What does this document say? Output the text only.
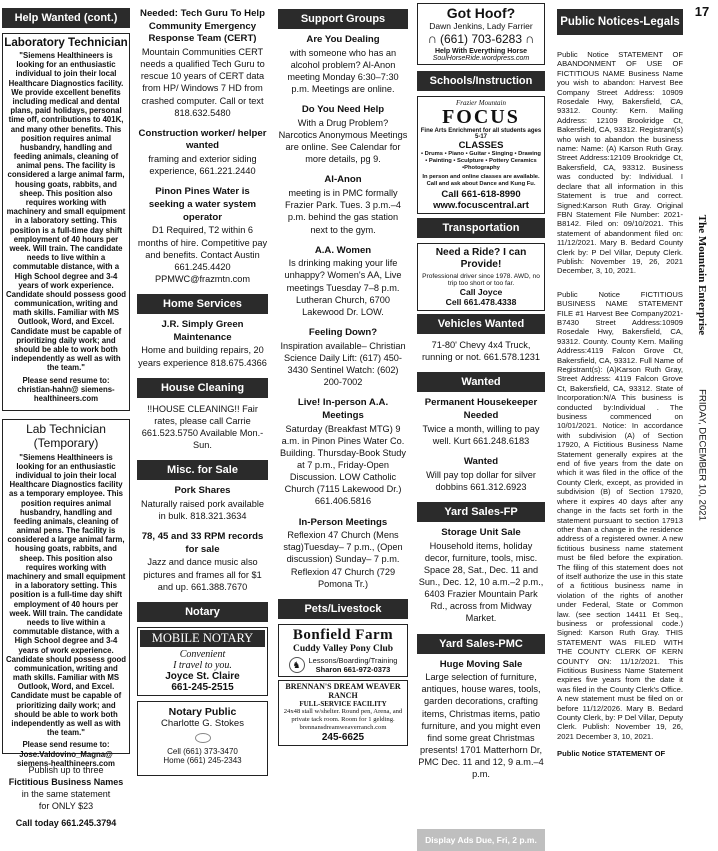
Help Wanted (cont.)
Laboratory Technician
"Siemens Healthineers is looking for an enthusiastic individual to join their local Healthcare Diagnostics facility. We provide excellent benefits including medical and dental plans, paid holidays, personal time off, contributions to 401K, and many other benefits. This position requires animal husbandry, handling and feeding animals, cleaning of animal pens. The facility is considered a large animal farm, housing goats, rabbits, and sheep. This position also requires working with machinery and small equipment in a laboratory setting. This position is a full-time day shift employment of 40 hours per week. Will train. The candidate needs to live within a commutable distance, with a High School degree and 3-4 years of work experience. Candidate should possess good communication, writing and math skills. Familiar with MS Outlook, Word, and Excel. Candidate must be capable of prioritizing daily work; and should be able to work both independently as well as with the team."
Please send resume to: christian-hahn@ siemens-healthineers.com
Lab Technician (Temporary)
"Siemens Healthineers is looking for an enthusiastic individual to join their local Healthcare Diagnostics facility as a temporary employee. This position requires animal husbandry, handling and feeding animals, cleaning of animal pens. The facility is considered a large animal farm, housing goats, rabbits, and sheep. This position also requires working with machinery and small equipment in a laboratory setting. This position is a full-time day shift employment of 40 hours per week. Will train. The candidate needs to live within a commutable distance, with a High School degree and 3-4 years of work experience. Candidate should possess good communication, writing and math skills. Familiar with MS Outlook, Word, and Excel. Candidate must be capable of prioritizing daily work; and should be able to work both independently as well as with the team."
Please send resume to: Jose.Valdovino_Magna@ siemens-healthineers.com
Publish up to three
Fictitious Business Names
in the same statement
for ONLY $23
Call today 661.245.3794
Needed: Tech Guru To Help Community Emergency Response Team (CERT)
Mountain Communities CERT needs a qualified Tech Guru to rescue 10 years of CERT data from HP/ Windows 7 HD from crashed computer. Call or text 818.632.5480
Construction worker/ helper wanted
framing and exterior siding experience, 661.221.2440
Pinon Pines Water is seeking a water system operator
D1 Required, T2 within 6 months of hire. Competitive pay and benefits. Contact Austin 661.245.4420 PPMWC@frazmtn.com
Home Services
J.R. Simply Green Maintenance
Home and building repairs, 20 years experience 818.675.4366
House Cleaning
!!HOUSE CLEANING!! Fair rates, please call Carrie 661.523.5750 Available Mon.-Sun.
Misc. for Sale
Pork Shares
Naturally raised pork available in bulk. 818.321.3634
78, 45 and 33 RPM records for sale
Jazz and dance music also pictures and frames all for $1 and up. 661.388.7670
Notary
MOBILE NOTARY
Convenient
I travel to you.
Joyce St. Claire
661-245-2515
Notary Public
Charlotte G. Stokes
Cell (661) 373-3470
Home (661) 245-2343
Support Groups
Are You Dealing
with someone who has an alcohol problem? Al-Anon meeting Monday 6:30–7:30 p.m. Meetings are online.
Do You Need Help
With a Drug Problem? Narcotics Anonymous Meetings are online. See Calendar for more details, pg 9.
Al-Anon
meeting is in PMC formally Frazier Park. Tues. 3 p.m.–4 p.m. behind the gas station next to the gym.
A.A. Women
Is drinking making your life unhappy? Women's AA, Live meetings Tuesday 7–8 p.m. Lutheran Church, 6700 Lakewood Dr. LOW.
Feeling Down?
Inspiration available– Christian Science Daily Lift: (617) 450-3430 Sentinel Watch: (602) 200-7002
Live! In-person A.A. Meetings
Saturday (Breakfast MTG) 9 a.m. in Pinon Pines Water Co. Building. Thursday-Book Study at 7 p.m., Friday-Open Discussion. LOW Catholic Church (7115 Lakewood Dr.) 661.406.5816
In-Person Meetings
Reflexion 47 Church (Mens stag)Tuesday– 7 p.m., (Open discussion) Sunday– 7 p.m. Reflexion 47 Church (729 Pomona Tr.)
Pets/Livestock
Bonfield Farm
Cuddy Valley Pony Club
♞	Lessons/Boarding/Training
Sharon 661-972-0373
BRENNAN'S DREAM WEAVER RANCH
FULL-SERVICE FACILITY
24x48 stall w/shelter. Round pen, Arena, and private tack room. Room for 1 gelding. brennansdreamweaverranch.com
245-6625
Got Hoof?
Dawn Jenkins, Lady Farrier
∩ (661) 703-6283 ∩
Help With Everything Horse
SoulHorseRide.wordpress.com
Schools/Instruction
Frazier Mountain
FOCUS
Fine Arts Enrichment for all students ages 5-17
CLASSES
• Drums • Piano • Guitar • Singing • Drawing • Painting • Sculpture • Pottery Ceramics •Photography
In person and online classes are available. Call and ask about Dance and Kung Fu.
Call 661-618-8990
www.focuscentral.art
Transportation
Need a Ride? I can Provide!
Professional driver since 1978. AWD, no trip too short or too far.
Call Joyce
Cell 661.478.4338
Vehicles Wanted
71-80' Chevy 4x4 Truck, running or not. 661.578.1231
Wanted
Permanent Housekeeper Needed
Twice a month, willing to pay well. Kurt 661.248.6183
Wanted
Will pay top dollar for silver dobbins 661.312.6923
Yard Sales-FP
Storage Unit Sale
Household items, holiday decor, furniture, tools, misc. Space 28, Sat., Dec. 11 and Sun., Dec. 12, 10 a.m.–2 p.m., 6403 Frazier Mountain Park Rd., across from Midway Market.
Yard Sales-PMC
Huge Moving Sale
Large selection of furniture, antiques, house wares, tools, garden decorations, crafting items, Christmas items, patio furniture, and you might even find some great Christmas presents! 1701 Matterhorn Dr, PMC Dec. 11 and 12, 9 a.m.–4 p.m.
Display Ads Due, Fri, 2 p.m.
Public Notices-Legals
Public Notice STATEMENT OF ABANDONMENT OF USE OF FICTITIOUS NAME Business Name you wish to abandon: Harvest Bee Company Street Address: 10909 Rosedale Hwy, Bakersfield, CA, 93312. County: Kern. Mailing Address: 12109 Brookridge Ct, Bakersfield, CA, 93312. Registrant(s) who wish to abandon the business name: Name: (A) Karson Ruth Gray. Street Address:12109 Brookridge Ct, Bakersfield, CA, 93312. Business was conducted by: Individual. I declare that all information in this Statement is true and correct. Signed:Karson Ruth Gray. Original FBN Statement File Number: 2021-B8142. Filed on: 09/10/2021. This statement of abandonment filed on: 11/12/2021. Mary B. Bedard County Clerk by: P Del Villar, Deputy Clerk. Publish: November 19, 26, 2021 December, 3, 10, 2021.
Public Notice FICTITIOUS BUSINESS NAME STATEMENT FILE #1 Harvest Bee Company2021-B7430 Street Address:10909 Rosedale Hwy, Bakersfield, CA, 93312. County. County Kern. Mailing Address:4119 Falcon Grove Ct, Bakersfield, CA, 93312. Full Name of Registrant(s): (A)Karson Ruth Gray, Street Address: 4119 Falcon Grove Ct, Bakersfield, CA, 93312. State of Incorporation:N/A This business is conducted by:Individual . The business commenced on 10/01/2021. Notice: In accordance with subdivision (A) of Section 17920, A Fictitious Business Name Statement generally expires at the end of five years from the date on which it was filed in the office of the County Clerk, except, as provided in subdivision (B) of Section 17920, where it expires 40 days after any change in the facts set forth in the statement pursuant to section 17913 other than a change in the residence address of a registered owner. A new fictitious business name statement must be filed before the expiration. The filing of this statement does not of itself authorize the use in this state of a fictitious business name in violation of the rights of another under Federal, State or Common law. (see section 14411 Et Seq., business or professional code.) Signed: Karson Ruth Gray. THIS STATEMENT WAS FILED WITH THE COUNTY CLERK OF KERN COUNTY ON: 11/12/2021. This Fictitious Business Name Statement expires five years from the date it was filed in the County Clerk's Office. A new statement must be filed on or before 11/12/2026. Mary B. Bedard County Clerk, by: P Del Villar, Deputy Clerk. Publish: November 19, 26, 2021 December 3, 10, 2021.
Public Notice STATEMENT OF
17
The Mountain Enterprise
FRIDAY, DECEMBER 10, 2021
